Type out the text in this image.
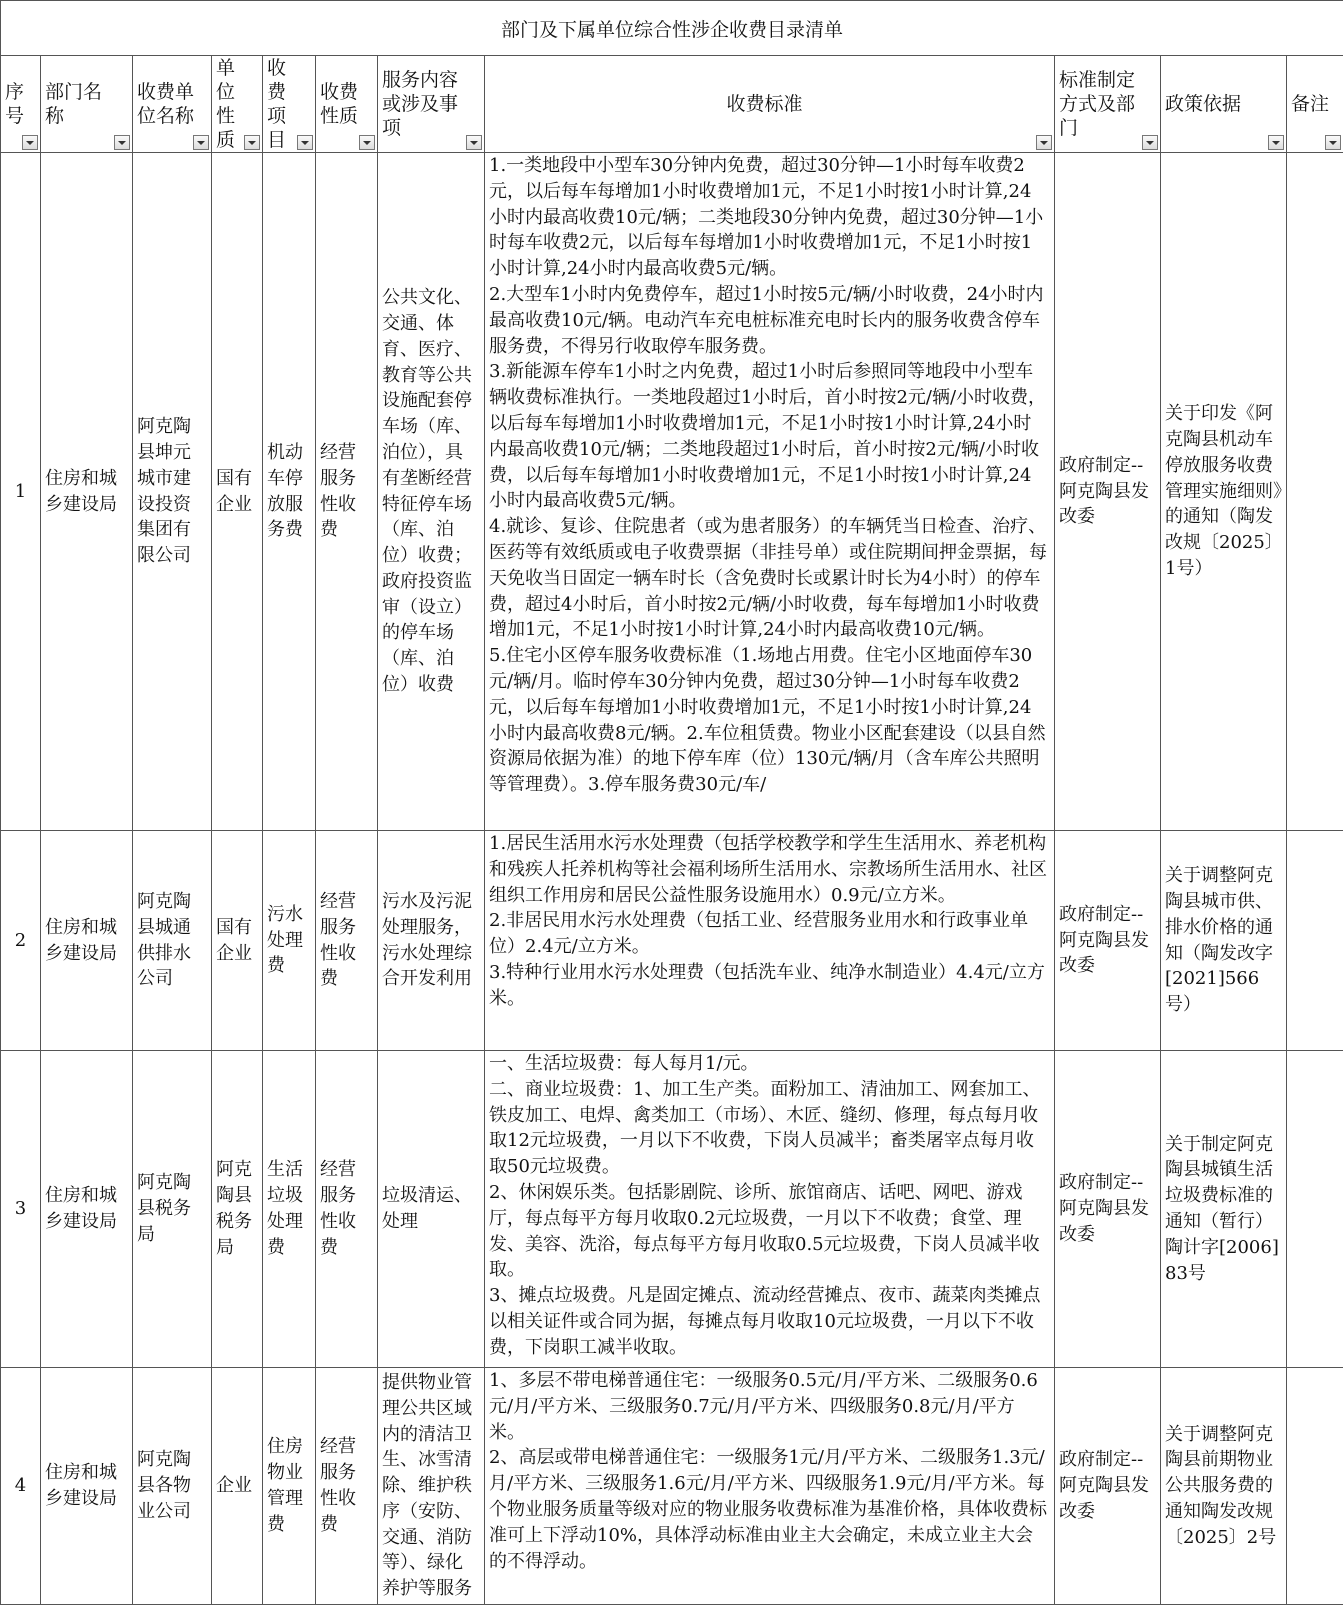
部门及下属单位综合性涉企收费目录清单										

序号	部门名称	收费单位名称	单位性质	收费项目	收费性质	服务内容或涉及事项	收费标准	标准制定方式及部门	政策依据	备注

1	住房和城乡建设局	阿克陶县坤元城市建设投资集团有限公司	国有企业	机动车停放服务费	经营服务性收费	公共文化、交通、体育、医疗、教育等公共设施配套停车场（库、泊位），具有垄断经营特征停车场（库、泊位）收费；政府投资监审（设立）的停车场（库、泊位）收费	1.一类地段中小型车30分钟内免费，超过30分钟—1小时每车收费2元，以后每车每增加1小时收费增加1元，不足1小时按1小时计算,24小时内最高收费10元/辆；二类地段30分钟内免费，超过30分钟—1小时每车收费2元，以后每车每增加1小时收费增加1元，不足1小时按1小时计算,24小时内最高收费5元/辆。
2.大型车1小时内免费停车，超过1小时按5元/辆/小时收费，24小时内最高收费10元/辆。电动汽车充电桩标准充电时长内的服务收费含停车服务费，不得另行收取停车服务费。
3.新能源车停车1小时之内免费，超过1小时后参照同等地段中小型车辆收费标准执行。一类地段超过1小时后，首小时按2元/辆/小时收费，以后每车每增加1小时收费增加1元，不足1小时按1小时计算,24小时内最高收费10元/辆；二类地段超过1小时后，首小时按2元/辆/小时收费，以后每车每增加1小时收费增加1元，不足1小时按1小时计算,24小时内最高收费5元/辆。
4.就诊、复诊、住院患者（或为患者服务）的车辆凭当日检查、治疗、医药等有效纸质或电子收费票据（非挂号单）或住院期间押金票据，每天免收当日固定一辆车时长（含免费时长或累计时长为4小时）的停车费，超过4小时后，首小时按2元/辆/小时收费，每车每增加1小时收费增加1元，不足1小时按1小时计算,24小时内最高收费10元/辆。
5.住宅小区停车服务收费标准（1.场地占用费。住宅小区地面停车30元/辆/月。临时停车30分钟内免费，超过30分钟—1小时每车收费2元，以后每车每增加1小时收费增加1元，不足1小时按1小时计算,24小时内最高收费8元/辆。2.车位租赁费。物业小区配套建设（以县自然资源局依据为准）的地下停车库（位）130元/辆/月（含车库公共照明等管理费）。3.停车服务费30元/车/	政府制定--阿克陶县发改委	关于印发《阿克陶县机动车停放服务收费管理实施细则》的通知（陶发改规〔2025〕1号）	
2	住房和城乡建设局	阿克陶县城通供排水公司	国有企业	污水处理费	经营服务性收费	污水及污泥处理服务，污水处理综合开发利用	1.居民生活用水污水处理费（包括学校教学和学生生活用水、养老机构和残疾人托养机构等社会福利场所生活用水、宗教场所生活用水、社区组织工作用房和居民公益性服务设施用水）0.9元/立方米。
2.非居民用水污水处理费（包括工业、经营服务业用水和行政事业单位）2.4元/立方米。
3.特种行业用水污水处理费（包括洗车业、纯净水制造业）4.4元/立方米。	政府制定--阿克陶县发改委	关于调整阿克陶县城市供、排水价格的通知（陶发改字[2021]566号）	
3	住房和城乡建设局	阿克陶县税务局	阿克陶县税务局	生活垃圾处理费	经营服务性收费	垃圾清运、处理	一、生活垃圾费：每人每月1/元。
二、商业垃圾费：1、加工生产类。面粉加工、清油加工、网套加工、铁皮加工、电焊、禽类加工（市场）、木匠、缝纫、修理，每点每月收取12元垃圾费，一月以下不收费，下岗人员减半；畜类屠宰点每月收取50元垃圾费。
2、休闲娱乐类。包括影剧院、诊所、旅馆商店、话吧、网吧、游戏厅，每点每平方每月收取0.2元垃圾费，一月以下不收费；食堂、理发、美容、洗浴，每点每平方每月收取0.5元垃圾费，下岗人员减半收取。
3、摊点垃圾费。凡是固定摊点、流动经营摊点、夜市、蔬菜肉类摊点以相关证件或合同为据，每摊点每月收取10元垃圾费，一月以下不收费，下岗职工减半收取。	政府制定--阿克陶县发改委	关于制定阿克陶县城镇生活垃圾费标准的通知（暂行）陶计字[2006]83号	
4	住房和城乡建设局	阿克陶县各物业公司	企业	住房物业管理费	经营服务性收费	提供物业管理公共区域内的清洁卫生、冰雪清除、维护秩序（安防、交通、消防等）、绿化养护等服务	1、多层不带电梯普通住宅：一级服务0.5元/月/平方米、二级服务0.6元/月/平方米、三级服务0.7元/月/平方米、四级服务0.8元/月/平方米。
2、高层或带电梯普通住宅：一级服务1元/月/平方米、二级服务1.3元/月/平方米、三级服务1.6元/月/平方米、四级服务1.9元/月/平方米。每个物业服务质量等级对应的物业服务收费标准为基准价格，具体收费标准可上下浮动10%，具体浮动标准由业主大会确定，未成立业主大会的不得浮动。	政府制定--阿克陶县发改委	关于调整阿克陶县前期物业公共服务费的通知陶发改规〔2025〕2号	
